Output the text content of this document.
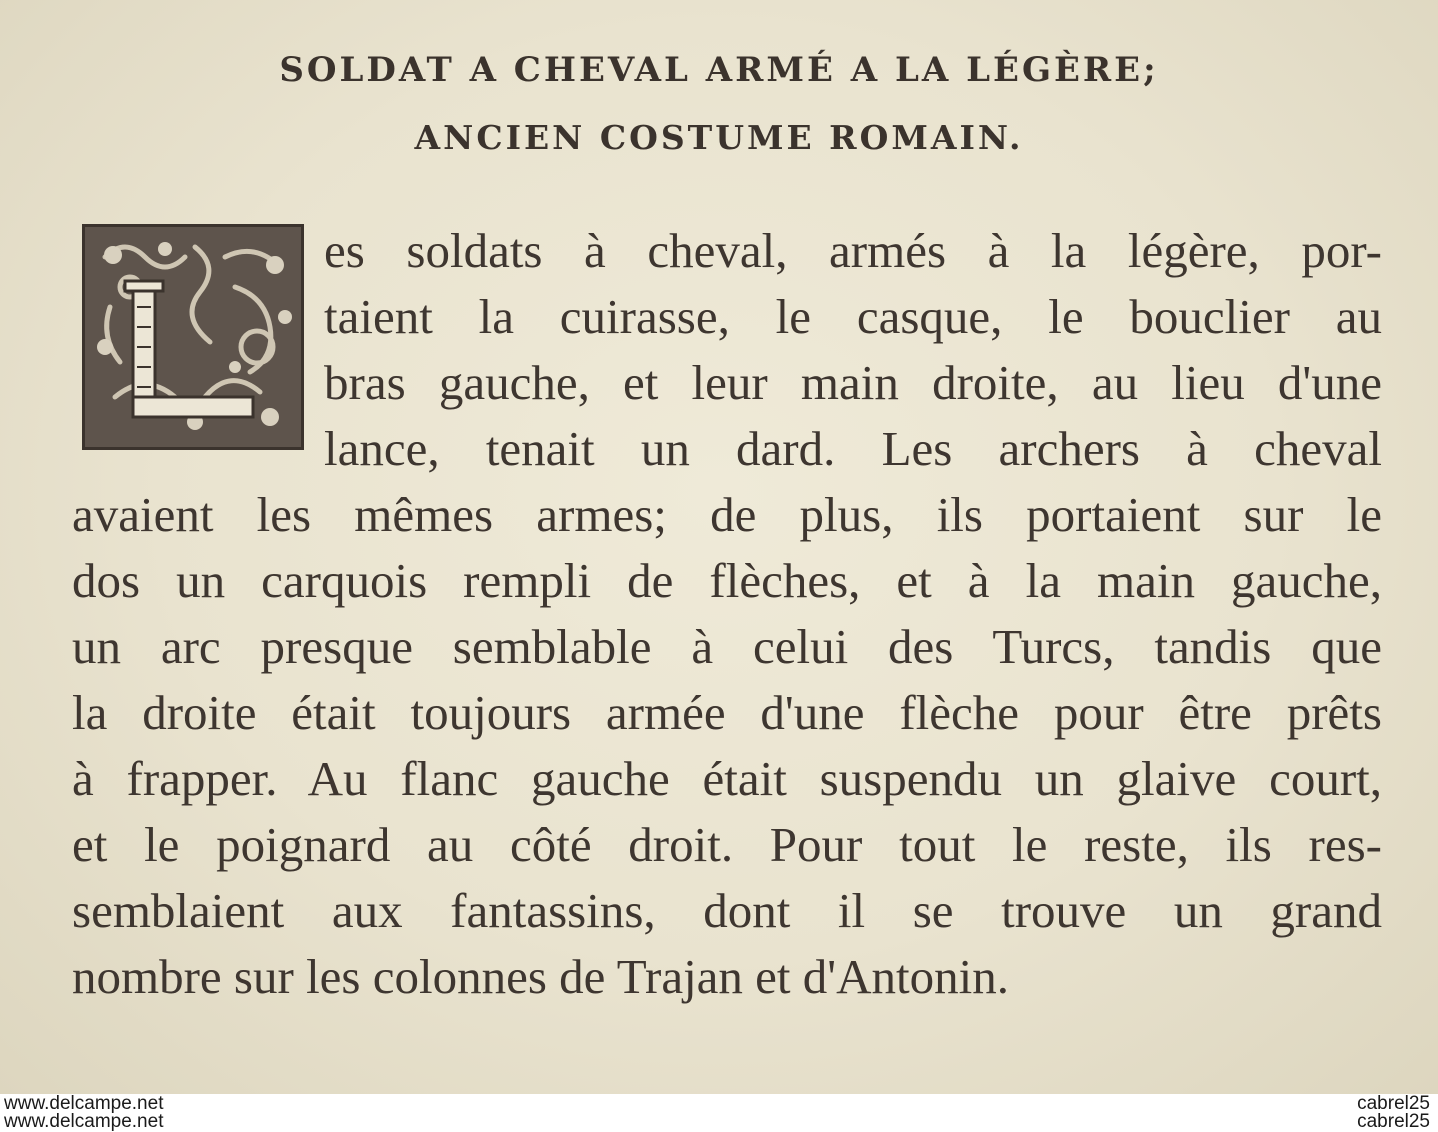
SOLDAT A CHEVAL ARMÉ A LA LÉGÈRE;
ANCIEN COSTUME ROMAIN.
es soldats à cheval, armés à la légère, por-
taient la cuirasse, le casque, le bouclier au
bras gauche, et leur main droite, au lieu d'une
lance, tenait un dard. Les archers à cheval
avaient les mêmes armes; de plus, ils portaient sur le
dos un carquois rempli de flèches, et à la main gauche,
un arc presque semblable à celui des Turcs, tandis que
la droite était toujours armée d'une flèche pour être prêts
à frapper. Au flanc gauche était suspendu un glaive court,
et le poignard au côté droit. Pour tout le reste, ils res-
semblaient aux fantassins, dont il se trouve un grand
nombre sur les colonnes de Trajan et d'Antonin.
www.delcampe.net
www.delcampe.net
cabrel25
cabrel25
